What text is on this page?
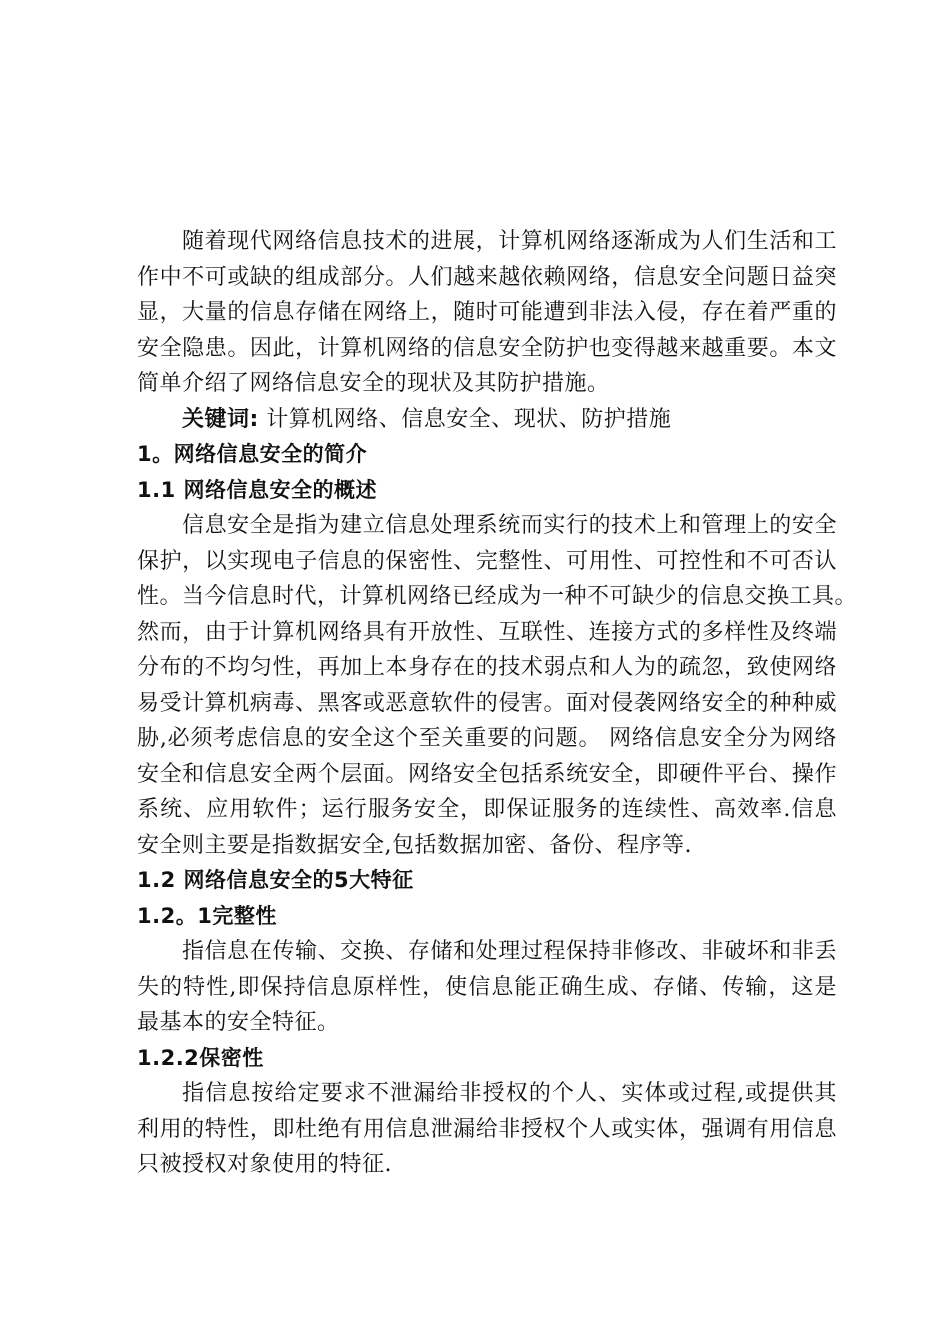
随着现代网络信息技术的进展，计算机网络逐渐成为人们生活和工
作中不可或缺的组成部分。人们越来越依赖网络，信息安全问题日益突
显，大量的信息存储在网络上，随时可能遭到非法入侵，存在着严重的
安全隐患。因此，计算机网络的信息安全防护也变得越来越重要。本文
简单介绍了网络信息安全的现状及其防护措施。
关键词: 计算机网络、信息安全、现状、防护措施
1。网络信息安全的简介
1.1 网络信息安全的概述
信息安全是指为建立信息处理系统而实行的技术上和管理上的安全
保护，以实现电子信息的保密性、完整性、可用性、可控性和不可否认
性。当今信息时代，计算机网络已经成为一种不可缺少的信息交换工具。
然而，由于计算机网络具有开放性、互联性、连接方式的多样性及终端
分布的不均匀性，再加上本身存在的技术弱点和人为的疏忽，致使网络
易受计算机病毒、黑客或恶意软件的侵害。面对侵袭网络安全的种种威
胁,必须考虑信息的安全这个至关重要的问题。 网络信息安全分为网络
安全和信息安全两个层面。网络安全包括系统安全，即硬件平台、操作
系统、应用软件；运行服务安全，即保证服务的连续性、高效率.信息
安全则主要是指数据安全,包括数据加密、备份、程序等.
1.2 网络信息安全的5大特征
1.2。1完整性
指信息在传输、交换、存储和处理过程保持非修改、非破坏和非丢
失的特性,即保持信息原样性，使信息能正确生成、存储、传输，这是
最基本的安全特征。
1.2.2保密性
指信息按给定要求不泄漏给非授权的个人、实体或过程,或提供其
利用的特性，即杜绝有用信息泄漏给非授权个人或实体，强调有用信息
只被授权对象使用的特征.
